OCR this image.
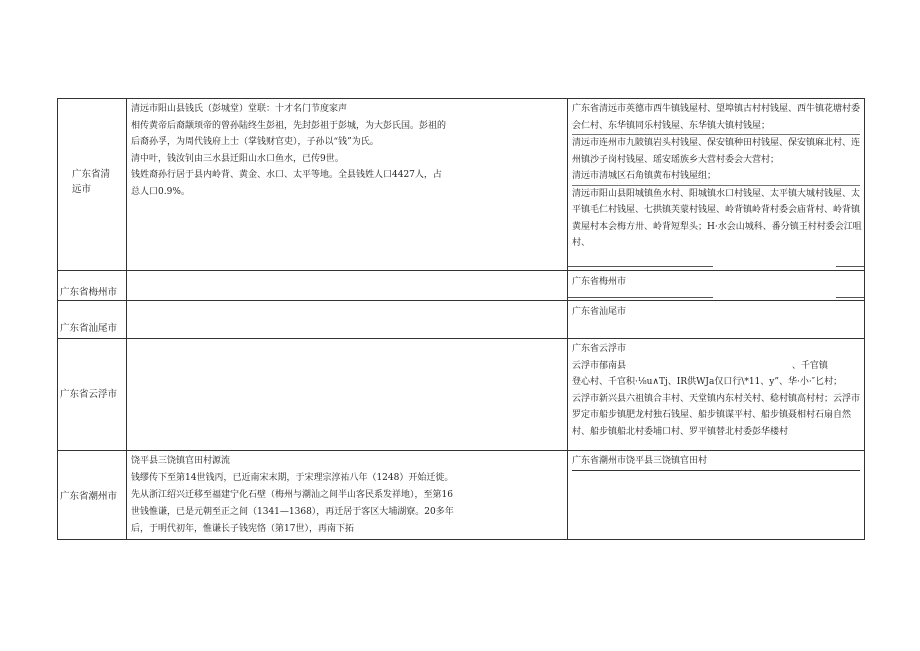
广东省清远市

清远市阳山县钱氏（彭城堂）堂联：十才名门节度家声

相传黄帝后裔颛顼帝的曾孙陆终生彭祖，先封彭祖于彭城，为大彭氏国。彭祖的

后裔孙孚，为周代钱府上士（掌钱财官吏），子孙以“钱”为氏。

清中叶，钱汝钊由三水县迁阳山水口鱼水，已传9世。

钱姓裔孙行居于县内岭背、黄金、水口、太平等地。全县钱姓人口4427人，占

总人口0.9%。

广东省清远市英德市西牛镇钱屋村、望埠镇古村村钱屋、西牛镇花塘村委

会仁村、东华镇同乐村钱屋、东华镇大镇村钱屋；

清远市连州市九陂镇岩头村钱屋、保安镇种田村钱屋、保安镇麻北村、连

州镇沙子岗村钱屋、瑶安瑶族乡大营村委会大营村；

清远市清城区石角镇黄布村钱屋组；

清远市阳山县阳城镇鱼水村、阳城镇水口村钱屋、太平镇大城村钱屋、太

平镇毛仁村钱屋、七拱镇芙蒙村钱屋、岭背镇岭背村委会庙背村、岭背镇

黄屋村本会梅方卅、岭背短犁头；H·水会山城科、番分镇王村村委会江咀

村、

广东省梅州市

广东省梅州市

广东省汕尾市

广东省汕尾市

广东省云浮市

广东省云浮市

云浮市郁南县                                                          、千官镇

登心村、千官积·⅛u∧Tj、IR供WJa仅口行\*11、y”、华·小·″匕村；

云浮市新兴县六祖镇合丰村、天堂镇内东村关村、稔村镇高村村；云浮市

罗定市船步镇肥龙村独石钱屋、船步镇谋平村、船步镇聂相村石扇自然

村、船步镇船北村委埔口村、罗平镇替北村委彭华楼村

广东省潮州市

饶平县三饶镇官田村源流

钱缪传下至第14世钱丙，已近南宋末期，于宋理宗淳祐八年（1248）开始迁徙。

先从浙江绍兴迁移至福建宁化石壁（梅州与潮汕之间半山客民系发祥地），至第16

世钱惟谦，已是元朝至正之间（1341—1368），再迁居于客区大埔湖寮。20多年

后，于明代初年，惟谦长子钱宪恪（第17世），再南下拓

广东省潮州市饶平县三饶镇官田村
